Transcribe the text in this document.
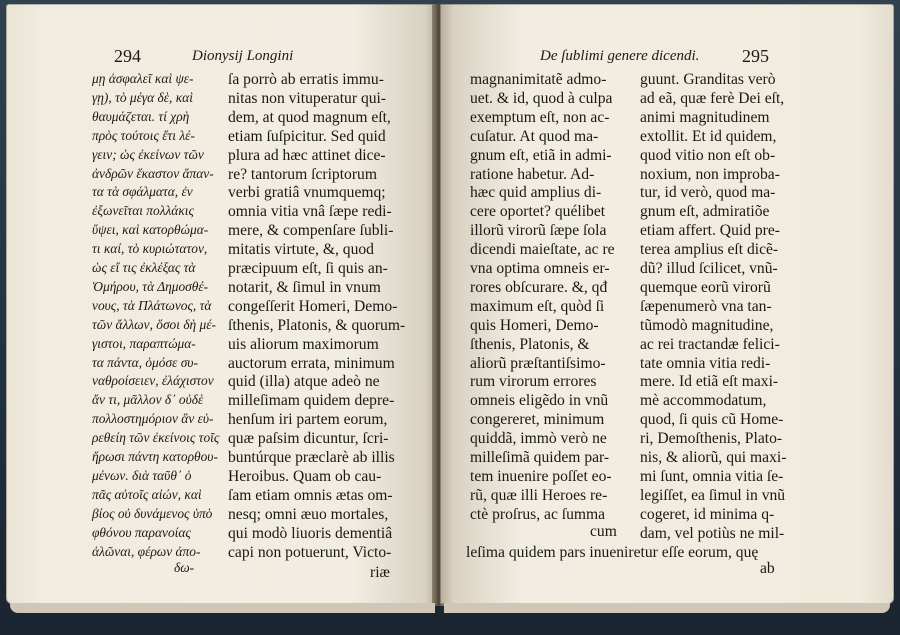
294	Dionysij Longini
μῃ ἀσφαλεῖ καὶ ψε-
γῃ), τὸ μέγα δὲ, καὶ
θαυμάζεται. τί χρὴ
πρὸς τούτοις ἔτι λέ-
γειν; ὡς ἐκείνων τῶν
ἀνδρῶν ἕκαστον ἅπαν-
τα τὰ σφάλματα, ἐν
ἐξωνεῖται πολλάκις
ὕψει, καὶ κατορθώμα-
τι καί, τὸ κυριώτατον,
ὡς εἴ τις ἐκλέξας τὰ
Ὁμήρου, τὰ Δημοσθέ-
νους, τὰ Πλάτωνος, τὰ
τῶν ἄλλων, ὅσοι δὴ μέ-
γιστοι, παραπτώμα-
τα πάντα, ὁμόσε συ-
ναθροίσειεν, ἐλάχιστον
ἄν τι, μᾶλλον δ᾽ οὐδὲ
πολλοστημόριον ἂν εὑ-
ρεθείη τῶν ἐκείνοις τοῖς
ἥρωσι πάντη κατορθου-
μένων. διὰ ταῦθ᾽ ὁ
πᾶς αὐτοῖς αἰών, καὶ
βίος οὐ δυνάμενος ὑπὸ
φθόνου παρανοίας
ἁλῶναι, φέρων ἀπο-
δω-
ſa porrò ab erratis immu-
nitas non vituperatur qui-
dem, at quod magnum eſt,
etiam ſuſpicitur. Sed quid
plura ad hæc attinet dice-
re? tantorum ſcriptorum
verbi gratiâ vnumquemq;
omnia vitia vnâ ſæpe redi-
mere, & compenſare ſubli-
mitatis virtute, &, quod
præcipuum eſt, ſi quis an-
notarit, & ſimul in vnum
congeſſerit Homeri, Demo-
ſthenis, Platonis, & quorum-
uis aliorum maximorum
auctorum errata, minimum
quid (illa) atque adeò ne
milleſimam quidem depre-
henſum iri partem eorum,
quæ paſsim dicuntur, ſcri-
buntúrque præclarè ab illis
Heroibus. Quam ob cau-
ſam etiam omnis ætas om-
nesq; omni æuo mortales,
qui modò liuoris dementiâ
capi non potuerunt, Victo-
riæ
De ſublimi genere dicendi. 295
magnanimitatẽ admo-
uet. & id, quod à culpa
exemptum eſt, non ac-
cuſatur. At quod ma-
gnum eſt, etiã in admi-
ratione habetur. Ad-
hæc quid amplius di-
cere oportet? quélibet
illorũ virorũ ſæpe ſola
dicendi maieſtate, ac re
vna optima omneis er-
rores obſcurare. &, qđ
maximum eſt, quòd ſi
quis Homeri, Demo-
ſthenis, Platonis, &
aliorũ præſtantiſsimo-
rum virorum errores
omneis eligẽdo in vnũ
congereret, minimum
quiddã, immò verò ne
milleſimã quidem par-
tem inuenire poſſet eo-
rũ, quæ illi Heroes re-
ctè proſrus, ac ſumma
cum
guunt. Granditas verò
ad eã, quæ ferè Dei eſt,
animi magnitudinem
extollit. Et id quidem,
quod vitio non eſt ob-
noxium, non improba-
tur, id verò, quod ma-
gnum eſt, admiratiõe
etiam affert. Quid pre-
terea amplius eſt dicẽ-
dũ? illud ſcilicet, vnũ-
quemque eorũ virorũ
ſæpenumerò vna tan-
tũmodò magnitudine,
ac rei tractandæ felici-
tate omnia vitia redi-
mere. Id etiã eſt maxi-
mè accommodatum,
quod, ſi quis cũ Home-
ri, Demoſthenis, Plato-
nis, & aliorũ, qui maxi-
mi ſunt, omnia vitia ſe-
legiſſet, ea ſimul in vnũ
cogeret, id minima q-
dam, vel potiùs ne mil-
leſima quidem pars inueniretur eſſe eorum, quę
ab
